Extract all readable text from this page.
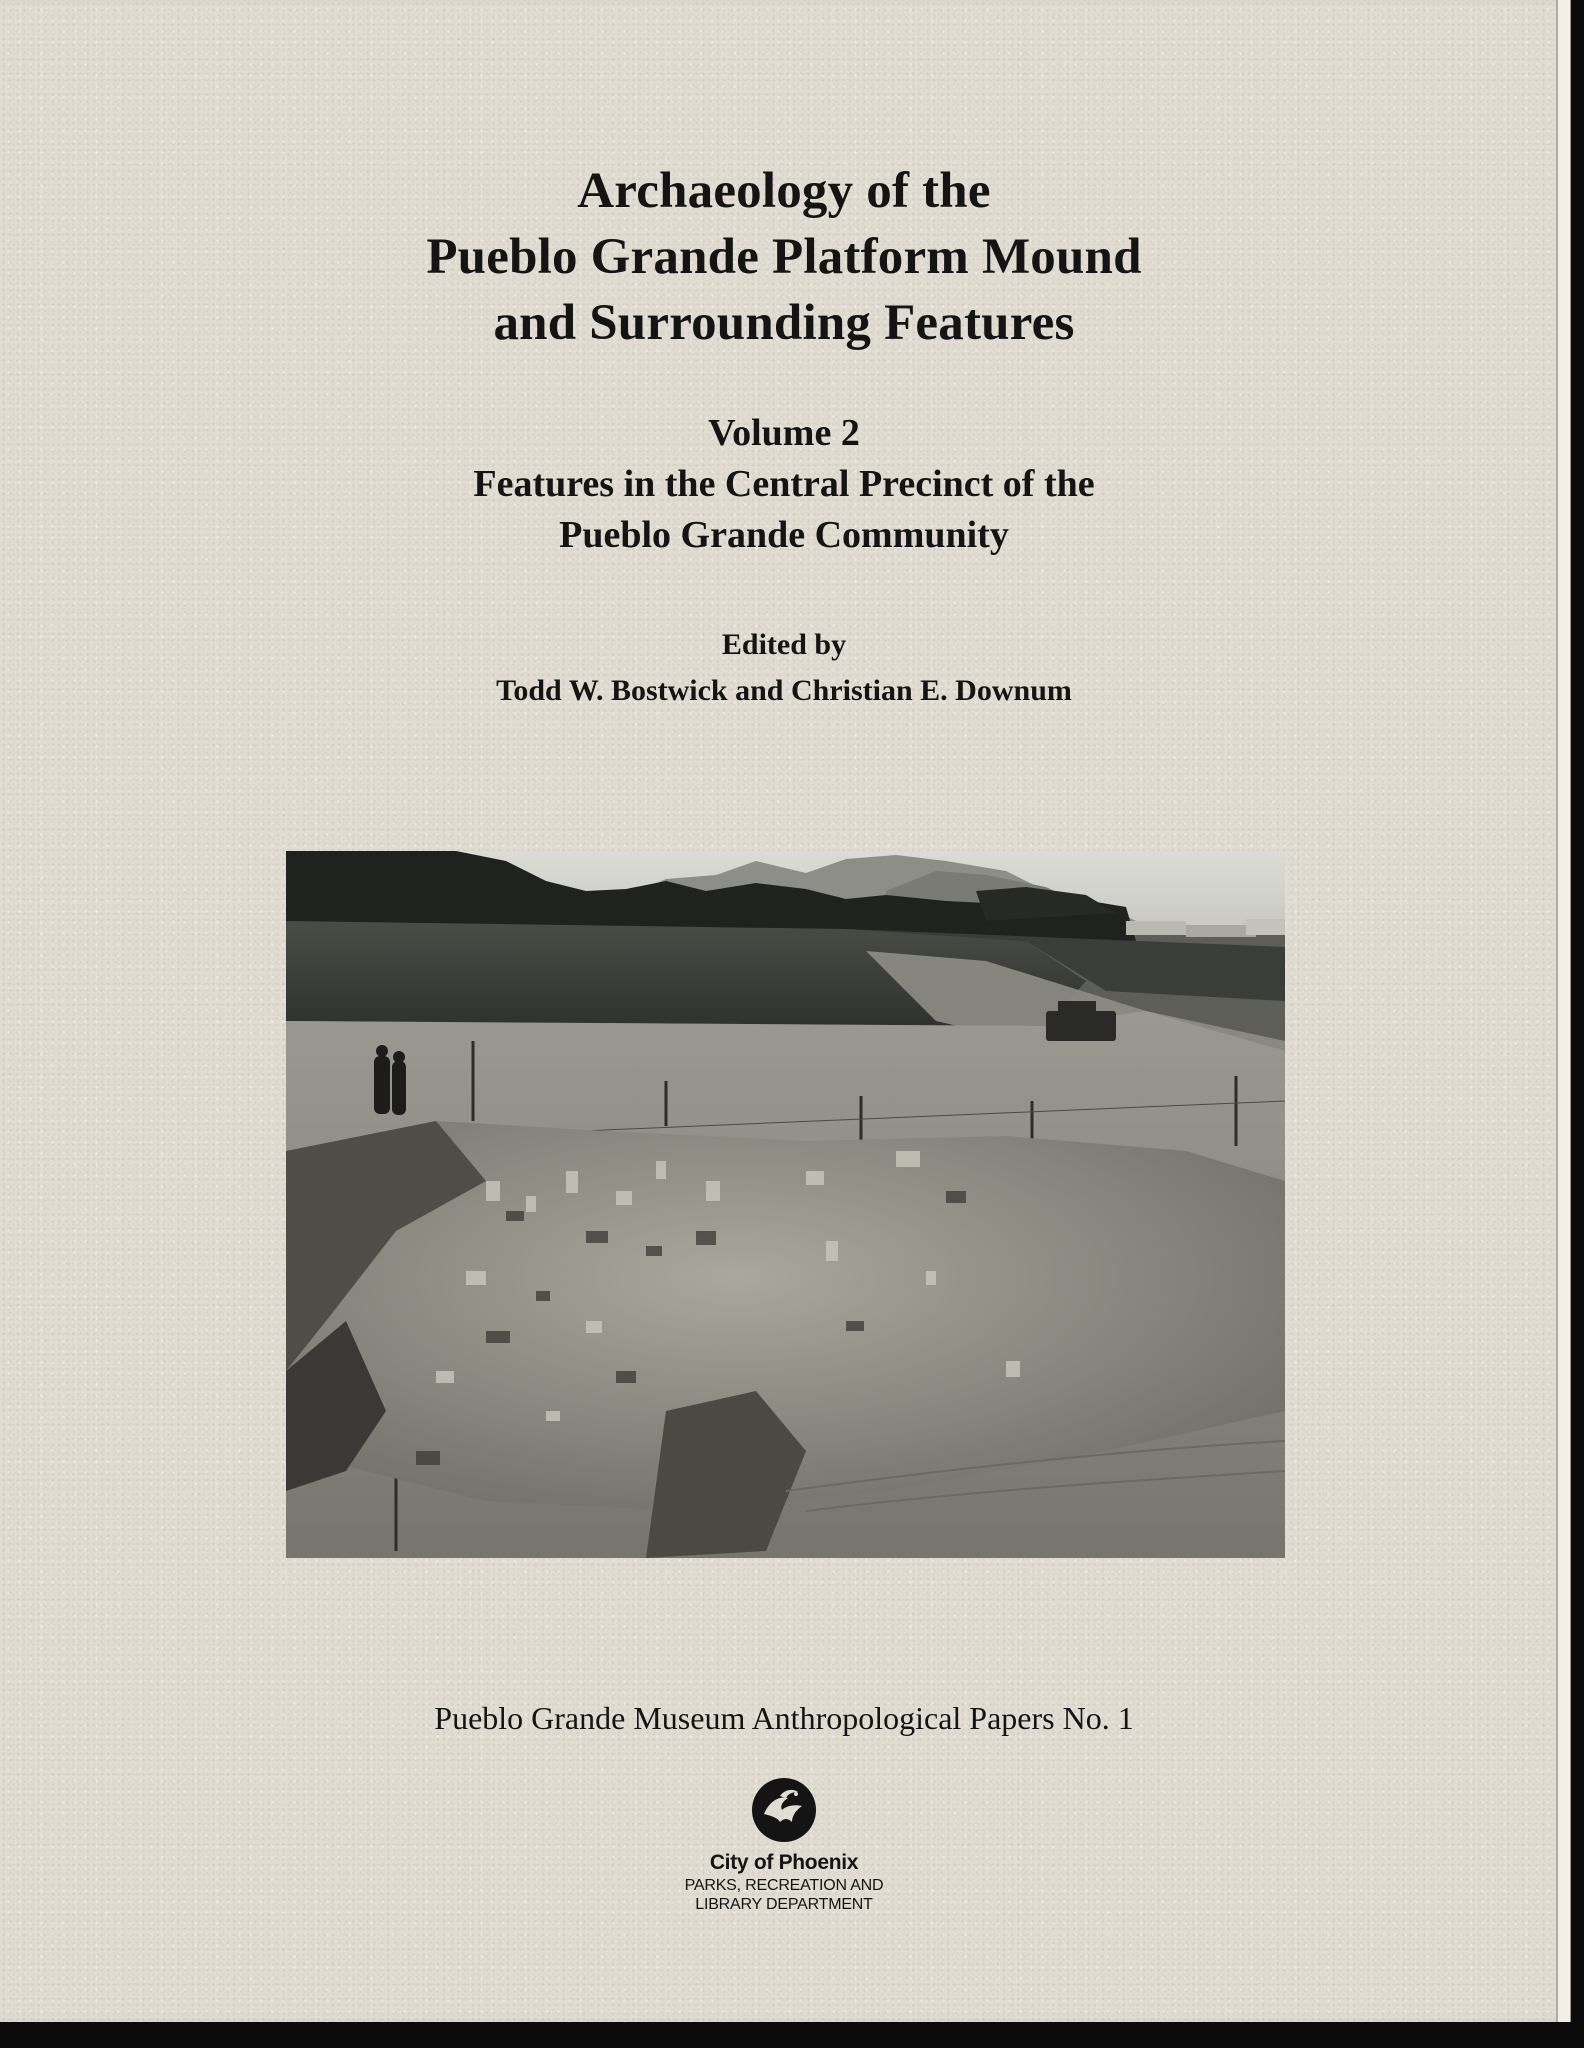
Archaeology of the
Pueblo Grande Platform Mound
and Surrounding Features
Volume 2
Features in the Central Precinct of the
Pueblo Grande Community
Edited by
Todd W. Bostwick and Christian E. Downum
Pueblo Grande Museum Anthropological Papers No. 1
City of Phoenix
PARKS, RECREATION AND
LIBRARY DEPARTMENT
